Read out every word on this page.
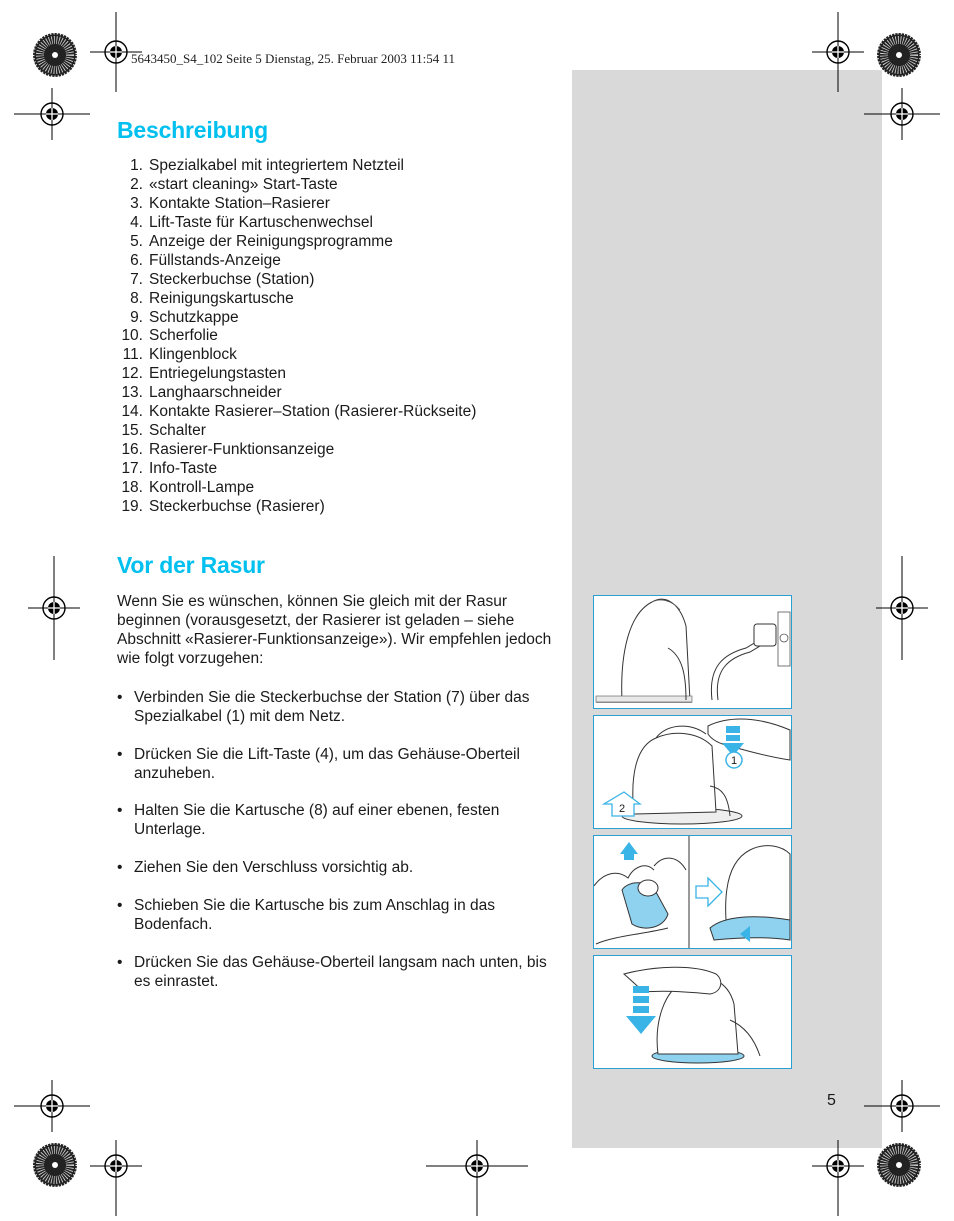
5643450_S4_102 Seite 5 Dienstag, 25. Februar 2003 11:54 11
Beschreibung
1. Spezialkabel mit integriertem Netzteil
2. «start cleaning» Start-Taste
3. Kontakte Station–Rasierer
4. Lift-Taste für Kartuschenwechsel
5. Anzeige der Reinigungsprogramme
6. Füllstands-Anzeige
7. Steckerbuchse (Station)
8. Reinigungskartusche
9. Schutzkappe
10. Scherfolie
11. Klingenblock
12. Entriegelungstasten
13. Langhaarschneider
14. Kontakte Rasierer–Station (Rasierer-Rückseite)
15. Schalter
16. Rasierer-Funktionsanzeige
17. Info-Taste
18. Kontroll-Lampe
19. Steckerbuchse (Rasierer)
Vor der Rasur

Wenn Sie es wünschen, können Sie gleich mit der Rasur beginnen (vorausgesetzt, der Rasierer ist geladen – siehe Abschnitt «Rasierer-Funktionsanzeige»). Wir empfehlen jedoch wie folgt vorzugehen:

• Verbinden Sie die Steckerbuchse der Station (7) über das Spezialkabel (1) mit dem Netz.
• Drücken Sie die Lift-Taste (4), um das Gehäuse-Oberteil anzuheben.
• Halten Sie die Kartusche (8) auf einer ebenen, festen Unterlage.
• Ziehen Sie den Verschluss vorsichtig ab.
• Schieben Sie die Kartusche bis zum Anschlag in das Bodenfach.
• Drücken Sie das Gehäuse-Oberteil langsam nach unten, bis es einrastet.
1
2
5
